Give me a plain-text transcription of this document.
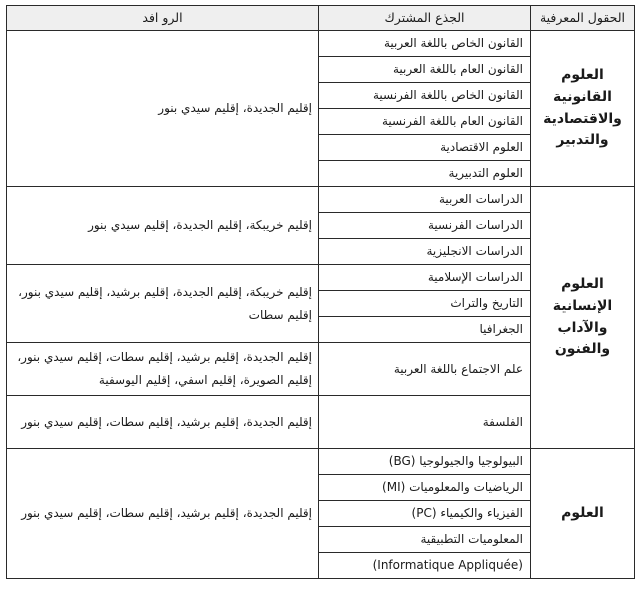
الحقول المعرفية	الجذع المشترك	الرو افد
العلوم القانونية والاقتصادية والتدبير	القانون الخاص باللغة العربية	إقليم الجديدة، إقليم سيدي بنور
	القانون العام باللغة العربية	
	القانون الخاص باللغة الفرنسية	
	القانون العام باللغة الفرنسية	
	العلوم الاقتصادية	
	العلوم التدبيرية	
العلوم الإنسانية والآداب والفنون	الدراسات العربية	إقليم خريبكة، إقليم الجديدة، إقليم سيدي بنور
	الدراسات الفرنسية	
	الدراسات الانجليزية	
	الدراسات الإسلامية	إقليم خريبكة، إقليم الجديدة، إقليم برشيد، إقليم سيدي بنور، إقليم سطات
	التاريخ والتراث	
	الجغرافيا	
	علم الاجتماع باللغة العربية	إقليم الجديدة، إقليم برشيد، إقليم سطات، إقليم سيدي بنور، إقليم الصويرة، إقليم اسفي، إقليم اليوسفية
	الفلسفة	إقليم الجديدة، إقليم برشيد، إقليم سطات، إقليم سيدي بنور
العلوم	البيولوجيا والجيولوجيا (BG)	إقليم الجديدة، إقليم برشيد، إقليم سطات، إقليم سيدي بنور
	الرياضيات والمعلوميات (MI)	
	الفيزياء والكيمياء (PC)	
	المعلوميات التطبيقية	
	(Informatique Appliquée)	
